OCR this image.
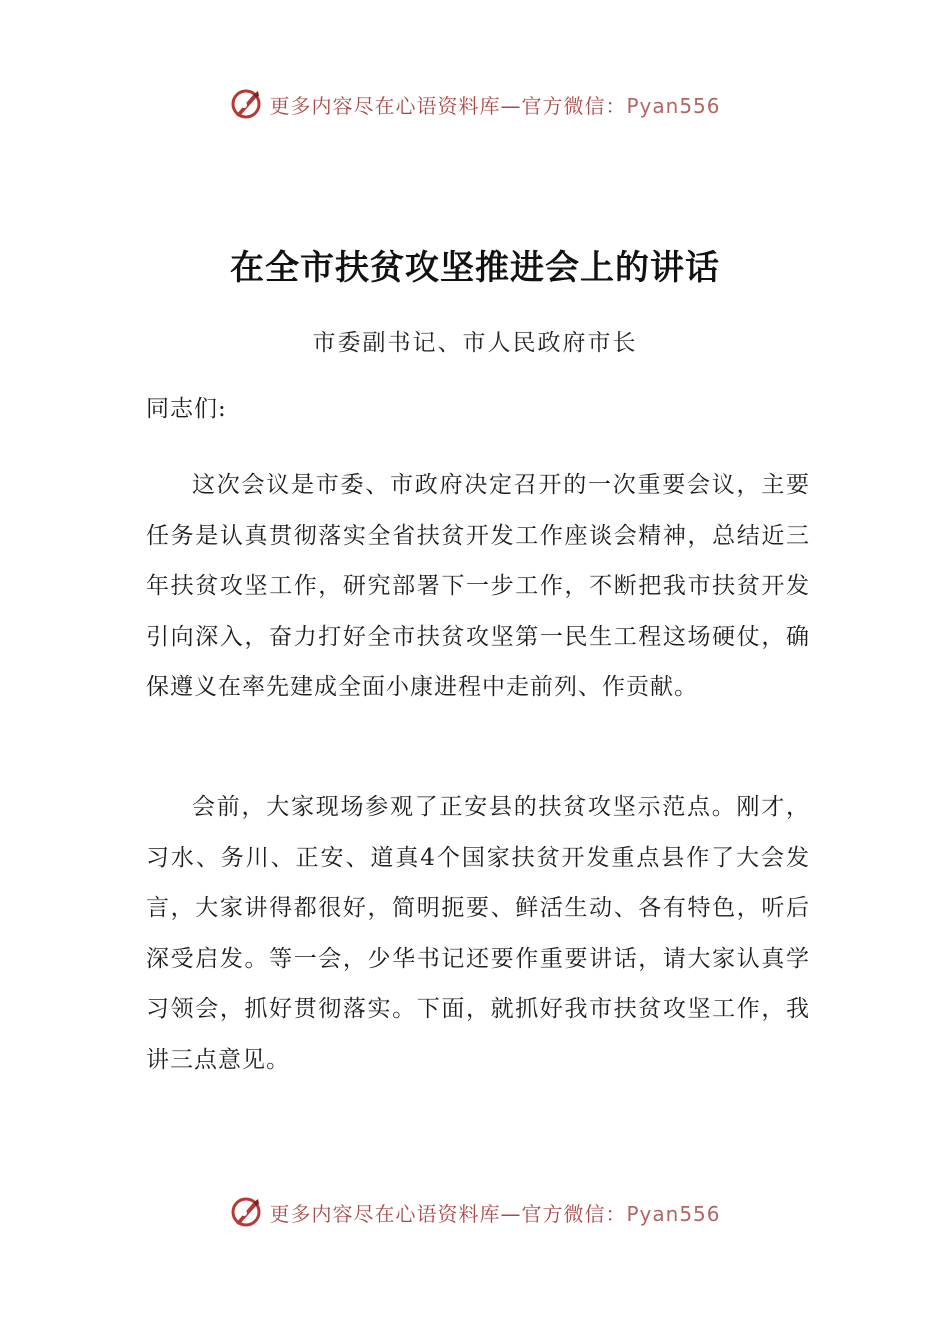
更多内容尽在心语资料库—官方微信：Pyan556
在全市扶贫攻坚推进会上的讲话
市委副书记、市人民政府市长
同志们:

这次会议是市委、市政府决定召开的一次重要会议，主要任务是认真贯彻落实全省扶贫开发工作座谈会精神，总结近三年扶贫攻坚工作，研究部署下一步工作，不断把我市扶贫开发引向深入，奋力打好全市扶贫攻坚第一民生工程这场硬仗，确保遵义在率先建成全面小康进程中走前列、作贡献。

会前，大家现场参观了正安县的扶贫攻坚示范点。刚才，习水、务川、正安、道真4个国家扶贫开发重点县作了大会发言，大家讲得都很好，简明扼要、鲜活生动、各有特色，听后深受启发。等一会，少华书记还要作重要讲话，请大家认真学习领会，抓好贯彻落实。下面，就抓好我市扶贫攻坚工作，我讲三点意见。

更多内容尽在心语资料库—官方微信：Pyan556
